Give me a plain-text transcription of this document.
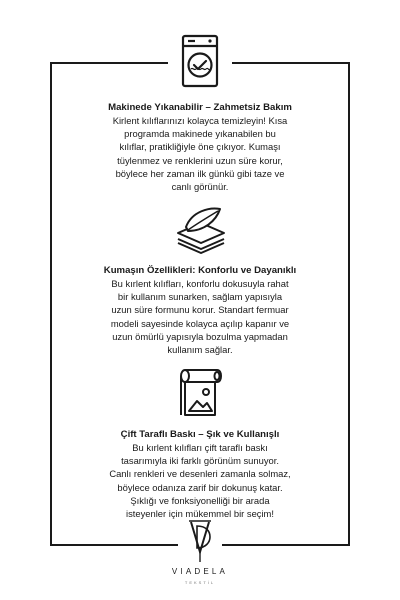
Makinede Yıkanabilir – Zahmetsiz Bakım
Kirlent kılıflarınızı kolayca temizleyin! Kısa
programda makinede yıkanabilen bu
kılıflar, pratikliğiyle öne çıkıyor. Kumaşı
tüylenmez ve renklerini uzun süre korur,
böylece her zaman ilk günkü gibi taze ve
canlı görünür.
Kumaşın Özellikleri: Konforlu ve Dayanıklı
Bu kırlent kılıfları, konforlu dokusuyla rahat
bir kullanım sunarken, sağlam yapısıyla
uzun süre formunu korur. Standart fermuar
modeli sayesinde kolayca açılıp kapanır ve
uzun ömürlü yapısıyla bozulma yapmadan
kullanım sağlar.
Çift Taraflı Baskı – Şık ve Kullanışlı
Bu kırlent kılıfları çift taraflı baskı
tasarımıyla iki farklı görünüm sunuyor.
Canlı renkleri ve desenleri zamanla solmaz,
böylece odanıza zarif bir dokunuş katar.
Şıklığı ve fonksiyonelliği bir arada
isteyenler için mükemmel bir seçim!
VIADELA
TEKSTİL
